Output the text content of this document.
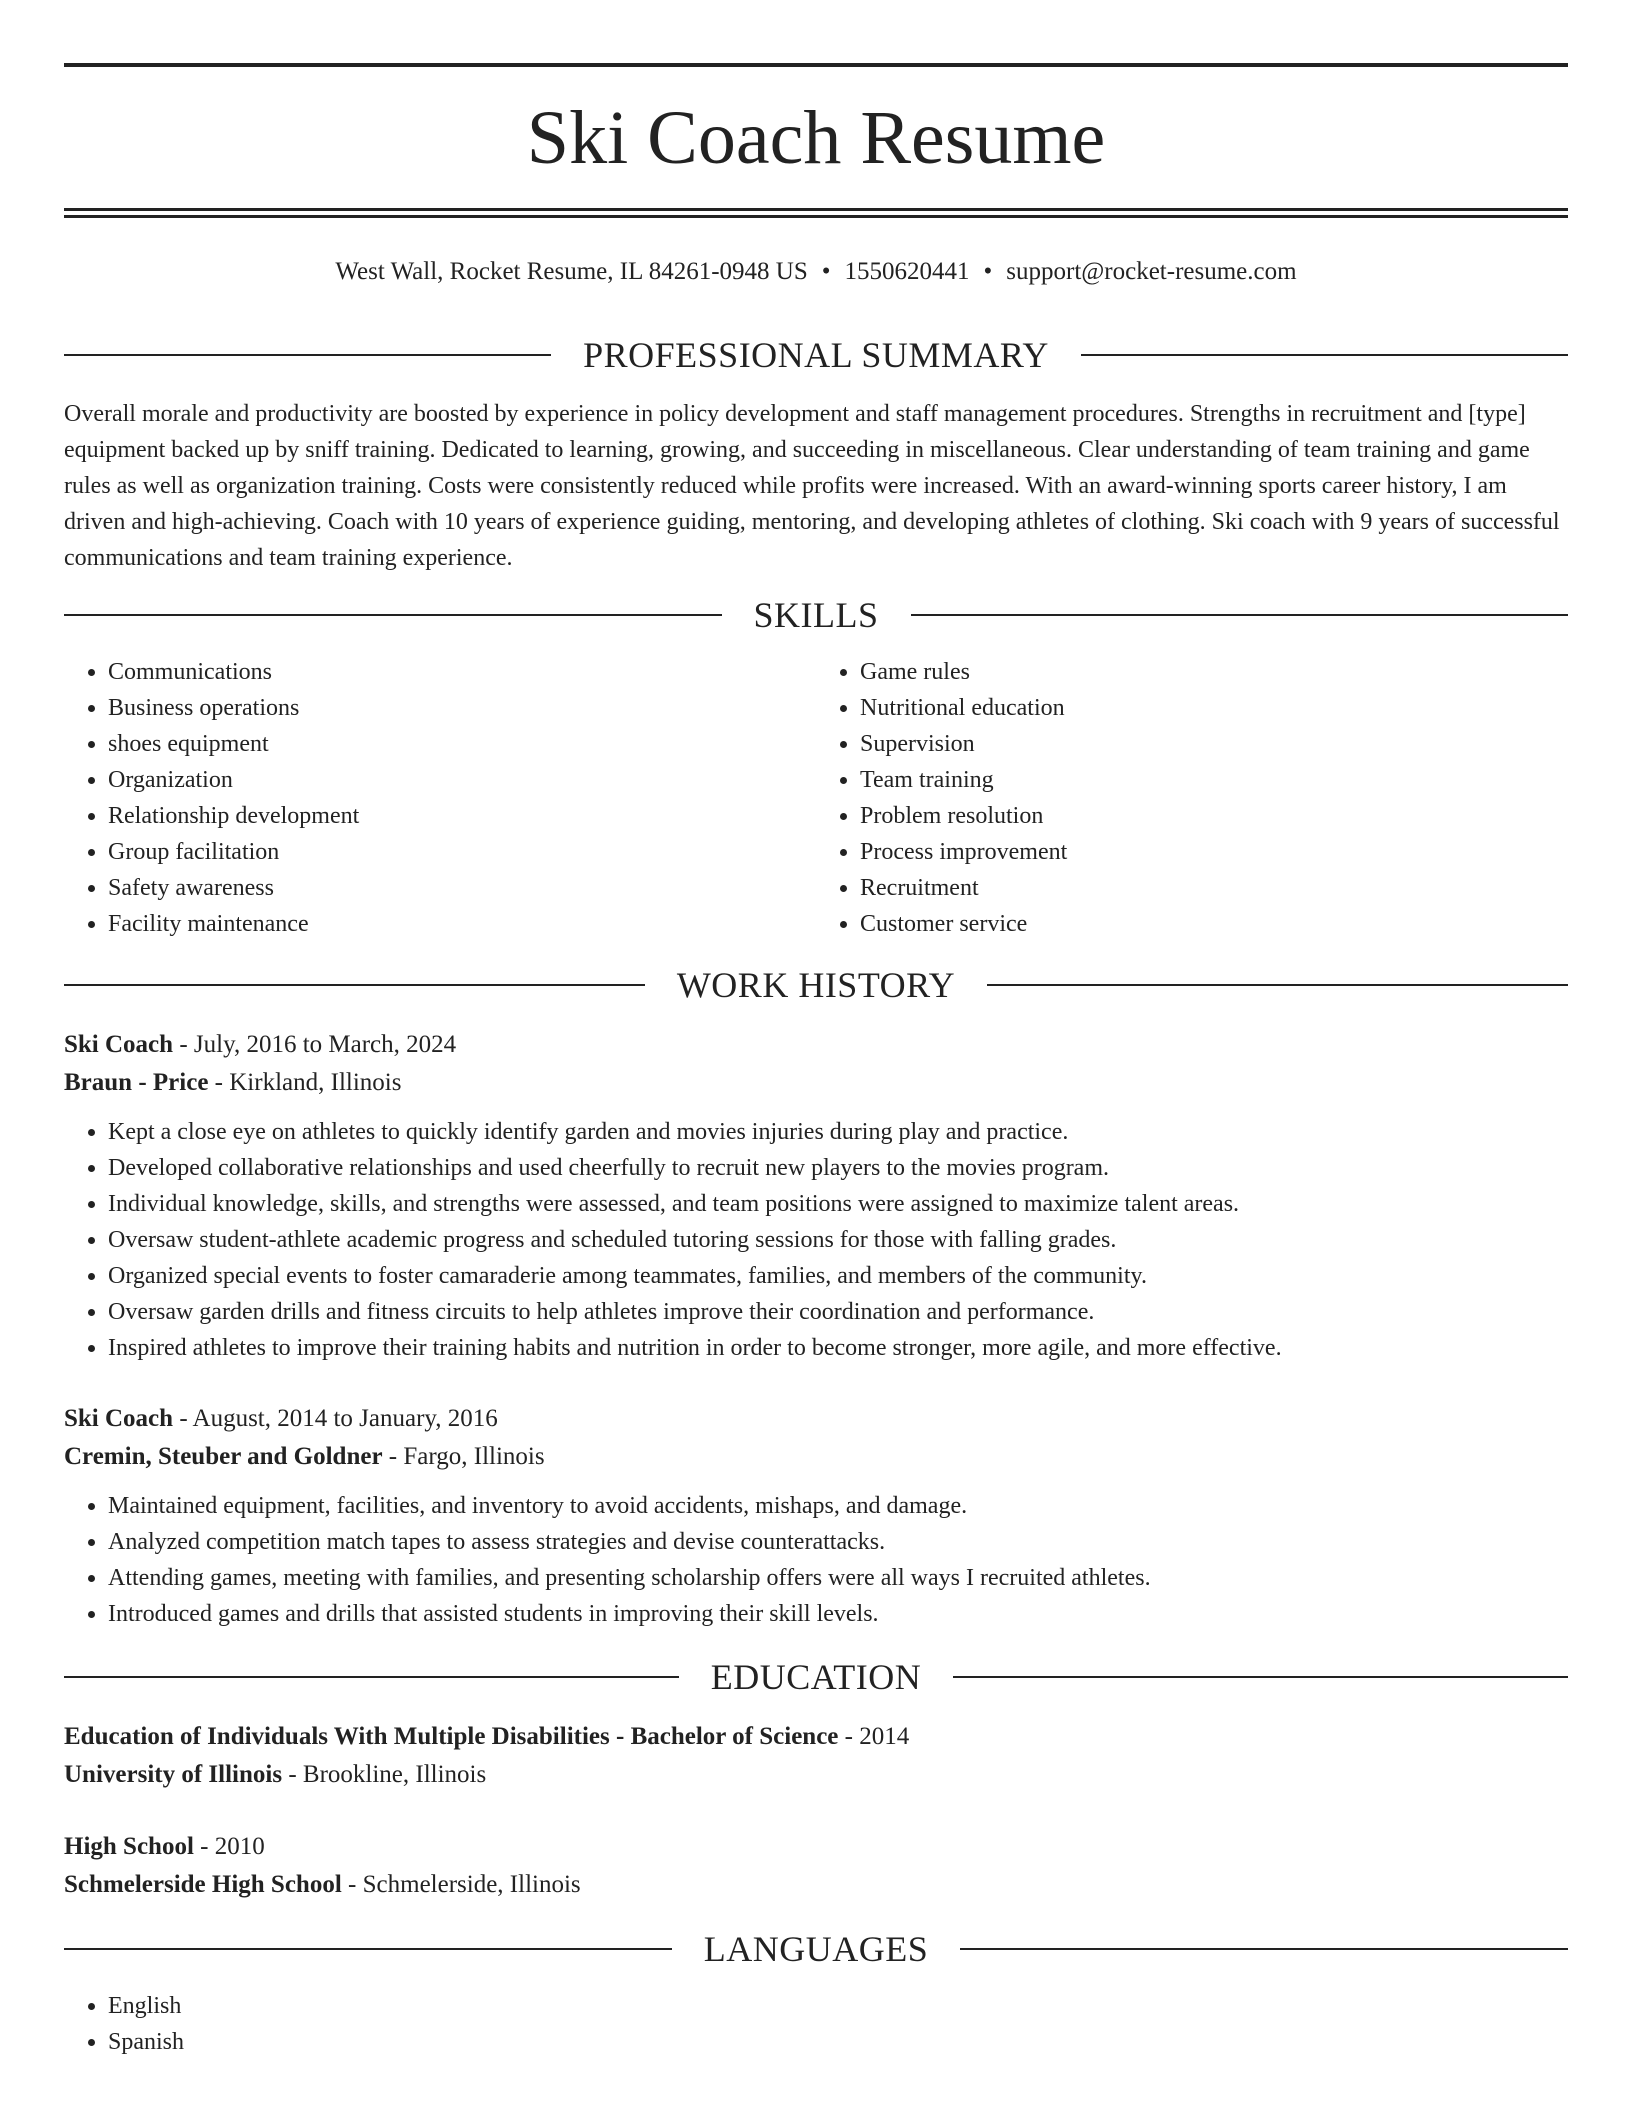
Ski Coach Resume
West Wall, Rocket Resume, IL 84261-0948 US • 1550620441 • support@rocket-resume.com
PROFESSIONAL SUMMARY

Overall morale and productivity are boosted by experience in policy development and staff management procedures. Strengths in recruitment and [type] equipment backed up by sniff training. Dedicated to learning, growing, and succeeding in miscellaneous. Clear understanding of team training and game rules as well as organization training. Costs were consistently reduced while profits were increased. With an award-winning sports career history, I am driven and high-achieving. Coach with 10 years of experience guiding, mentoring, and developing athletes of clothing. Ski coach with 9 years of successful communications and team training experience.

SKILLS
• Communications
• Business operations
• shoes equipment
• Organization
• Relationship development
• Group facilitation
• Safety awareness
• Facility maintenance
• Game rules
• Nutritional education
• Supervision
• Team training
• Problem resolution
• Process improvement
• Recruitment
• Customer service
WORK HISTORY
Ski Coach - July, 2016 to March, 2024
Braun - Price - Kirkland, Illinois
• Kept a close eye on athletes to quickly identify garden and movies injuries during play and practice.
• Developed collaborative relationships and used cheerfully to recruit new players to the movies program.
• Individual knowledge, skills, and strengths were assessed, and team positions were assigned to maximize talent areas.
• Oversaw student-athlete academic progress and scheduled tutoring sessions for those with falling grades.
• Organized special events to foster camaraderie among teammates, families, and members of the community.
• Oversaw garden drills and fitness circuits to help athletes improve their coordination and performance.
• Inspired athletes to improve their training habits and nutrition in order to become stronger, more agile, and more effective.
Ski Coach - August, 2014 to January, 2016
Cremin, Steuber and Goldner - Fargo, Illinois
• Maintained equipment, facilities, and inventory to avoid accidents, mishaps, and damage.
• Analyzed competition match tapes to assess strategies and devise counterattacks.
• Attending games, meeting with families, and presenting scholarship offers were all ways I recruited athletes.
• Introduced games and drills that assisted students in improving their skill levels.
EDUCATION
Education of Individuals With Multiple Disabilities - Bachelor of Science - 2014
University of Illinois - Brookline, Illinois
High School - 2010
Schmelerside High School - Schmelerside, Illinois
LANGUAGES
• English
• Spanish
